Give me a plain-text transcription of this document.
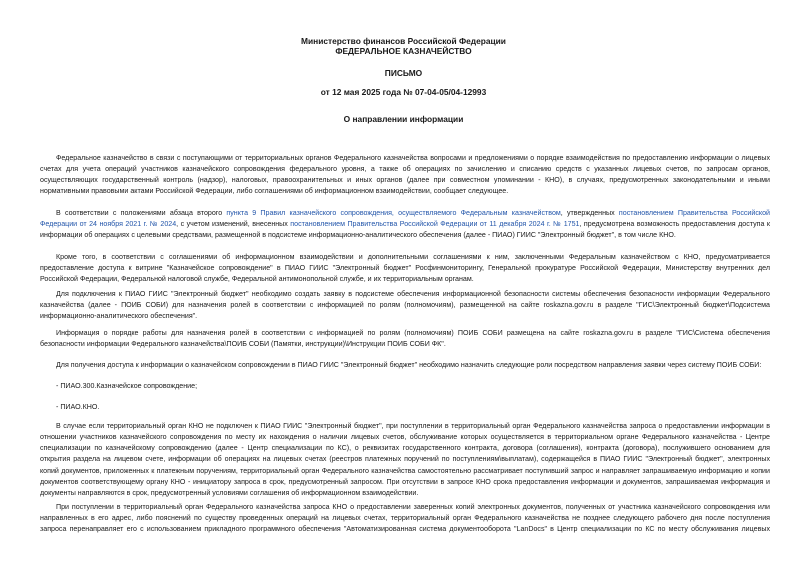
Министерство финансов Российской Федерации
ФЕДЕРАЛЬНОЕ КАЗНАЧЕЙСТВО
ПИСЬМО
от 12 мая 2025 года № 07-04-05/04-12993
О направлении информации
Федеральное казначейство в связи с поступающими от территориальных органов Федерального казначейства вопросами и предложениями о порядке взаимодействия по предоставлению информации о лицевых
счетах для учета операций участников казначейского сопровождения федерального уровня, а также об операциях по зачислению и списанию средств с указанных лицевых счетов, по запросам органов,
осуществляющих государственный контроль (надзор), налоговых, правоохранительных и иных органов (далее при совместном упоминании - КНО), в случаях, предусмотренных законодательными и иными
нормативными правовыми актами Российской Федерации, либо соглашениями об информационном взаимодействии, сообщает следующее.
В соответствии с положениями абзаца второго пункта 9 Правил казначейского сопровождения, осуществляемого Федеральным казначейством, утвержденных постановлением Правительства Российской
Федерации от 24 ноября 2021 г. № 2024, с учетом изменений, внесенных постановлением Правительства Российской Федерации от 11 декабря 2024 г. № 1751, предусмотрена возможность предоставления доступа к
информации об операциях с целевыми средствами, размещенной в подсистеме информационно-аналитического обеспечения (далее - ПИАО) ГИИС "Электронный бюджет", в том числе КНО.
Кроме того, в соответствии с соглашениями об информационном взаимодействии и дополнительными соглашениями к ним, заключенными Федеральным казначейством с КНО, предусматривается
предоставление доступа к витрине "Казначейское сопровождение" в ПИАО ГИИС "Электронный бюджет" Росфинмониторингу, Генеральной прокуратуре Российской Федерации, Министерству внутренних дел
Российской Федерации, Федеральной налоговой службе, Федеральной антимонопольной службе, и их территориальным органам.
Для подключения к ПИАО ГИИС "Электронный бюджет" необходимо создать заявку в подсистеме обеспечения информационной безопасности системы обеспечения безопасности информации Федерального
казначейства (далее - ПОИБ СОБИ) для назначения ролей в соответствии с информацией по ролям (полномочиям), размещенной на сайте roskazna.gov.ru в разделе "ГИС\Электронный бюджет\Подсистема
информационно-аналитического обеспечения".
Информация о порядке работы для назначения ролей в соответствии с информацией по ролям (полномочиям) ПОИБ СОБИ размещена на сайте roskazna.gov.ru в разделе "ГИС\Система обеспечения
безопасности информации Федерального казначейства\ПОИБ СОБИ (Памятки, инструкции)\Инструкции ПОИБ СОБИ ФК".
Для получения доступа к информации о казначейском сопровождении в ПИАО ГИИС "Электронный бюджет" необходимо назначить следующие роли посредством направления заявки через систему ПОИБ СОБИ:
- ПИАО.300.Казначейское сопровождение;
- ПИАО.КНО.
В случае если территориальный орган КНО не подключен к ПИАО ГИИС "Электронный бюджет", при поступлении в территориальный орган Федерального казначейства запроса о предоставлении информации в
отношении участников казначейского сопровождения по месту их нахождения о наличии лицевых счетов, обслуживание которых осуществляется в территориальном органе Федерального казначейства - Центре
специализации по казначейскому сопровождению (далее - Центр специализации по КС), о реквизитах государственного контракта, договора (соглашения), контракта (договора), послужившего основанием для
открытия раздела на лицевом счете, информации об операциях на лицевых счетах (реестров платежных поручений по поступлениям\выплатам), содержащейся в ПИАО ГИИС "Электронный бюджет", электронных
копий документов, приложенных к платежным поручениям, территориальный орган Федерального казначейства самостоятельно рассматривает поступивший запрос и направляет запрашиваемую информацию и копии
документов соответствующему органу КНО - инициатору запроса в срок, предусмотренный запросом. При отсутствии в запросе КНО срока предоставления информации и документов, запрашиваемая информация и
документы направляются в срок, предусмотренный условиями соглашения об информационном взаимодействии.
При поступлении в территориальный орган Федерального казначейства запроса КНО о предоставлении заверенных копий электронных документов, полученных от участника казначейского сопровождения или
направленных в его адрес, либо пояснений по существу проведенных операций на лицевых счетах, территориальный орган Федерального казначейства не позднее следующего рабочего дня после поступления
запроса перенаправляет его с использованием прикладного программного обеспечения "Автоматизированная система документооборота "LanDocs" в Центр специализации по КС по месту обслуживания лицевых
